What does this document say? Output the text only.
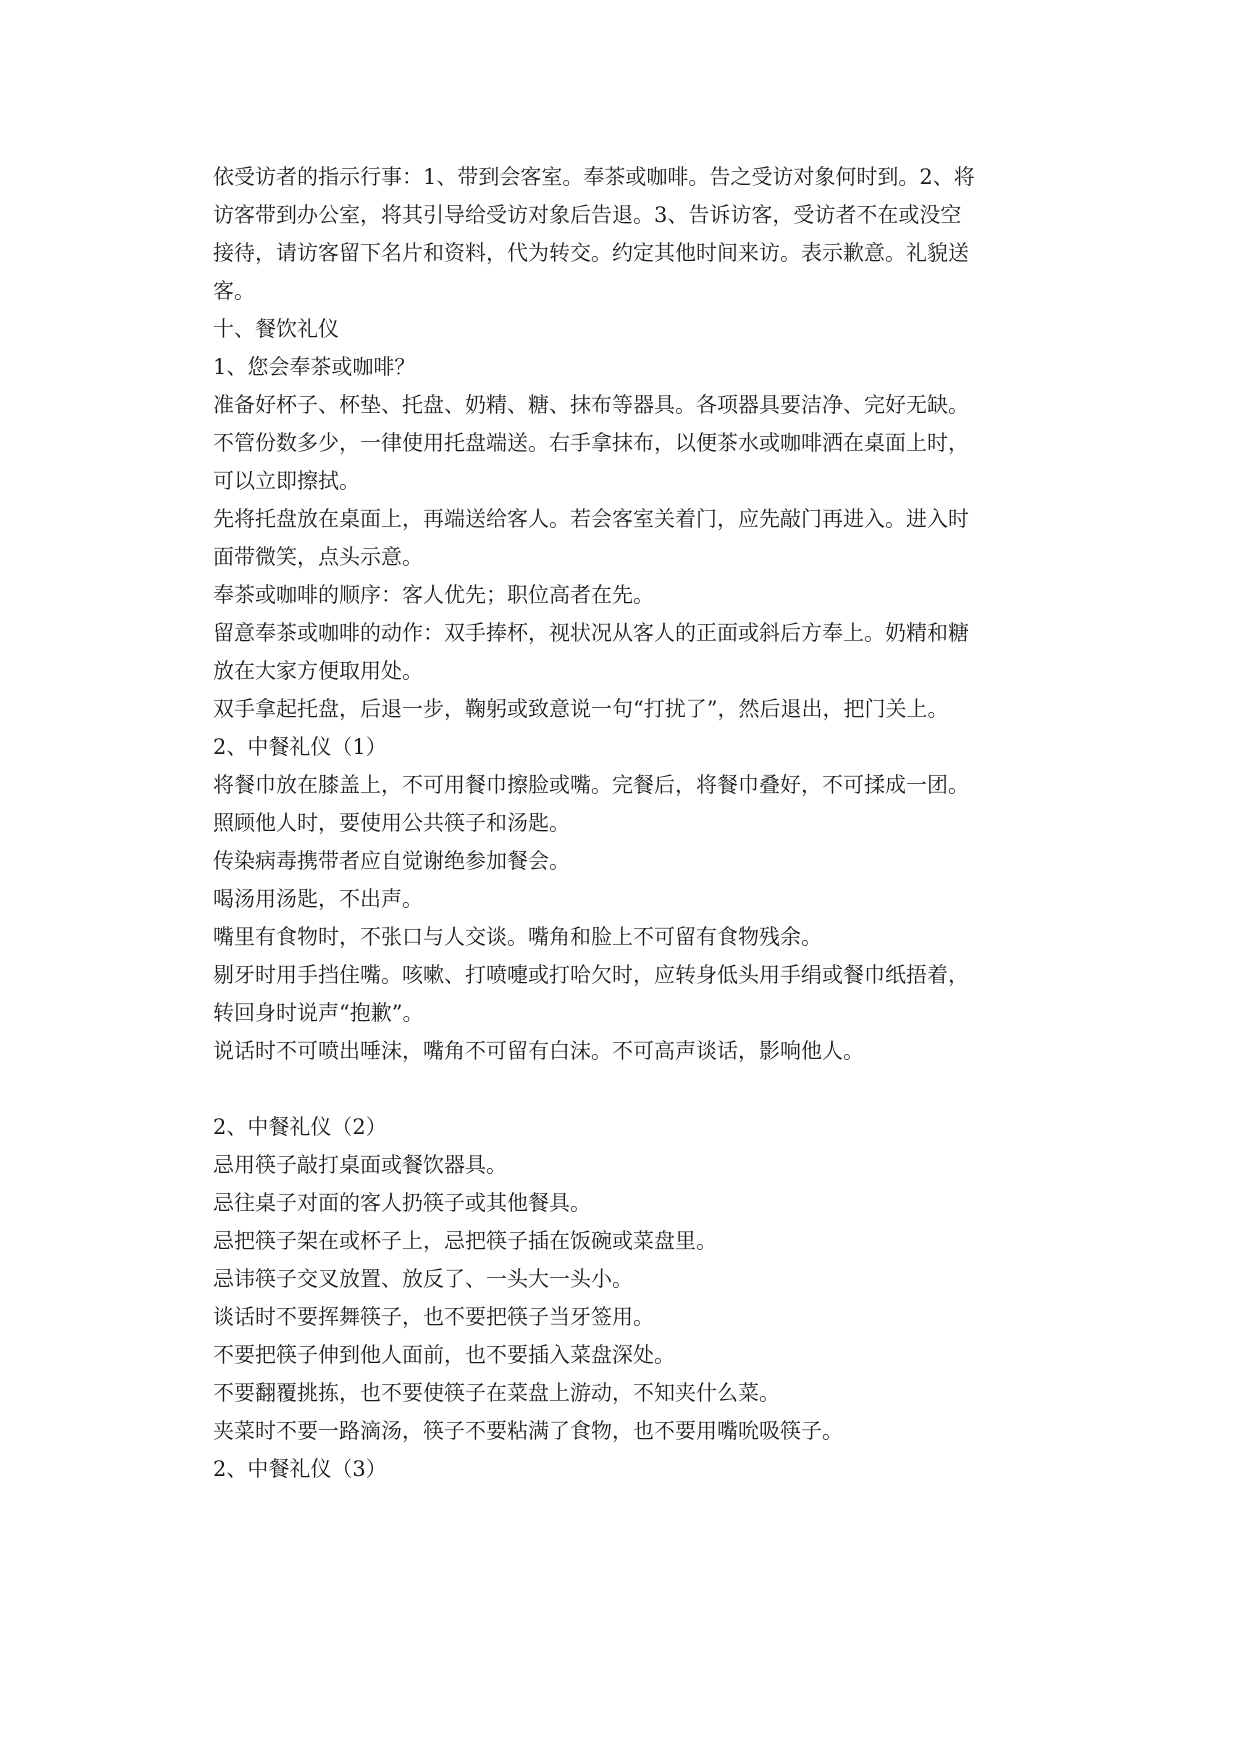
依受访者的指示行事：1、带到会客室。奉茶或咖啡。告之受访对象何时到。2、将
访客带到办公室，将其引导给受访对象后告退。3、告诉访客，受访者不在或没空
接待，请访客留下名片和资料，代为转交。约定其他时间来访。表示歉意。礼貌送
客。
十、餐饮礼仪
1、您会奉茶或咖啡？
准备好杯子、杯垫、托盘、奶精、糖、抹布等器具。各项器具要洁净、完好无缺。
不管份数多少，一律使用托盘端送。右手拿抹布，以便茶水或咖啡洒在桌面上时，
可以立即擦拭。
先将托盘放在桌面上，再端送给客人。若会客室关着门，应先敲门再进入。进入时
面带微笑，点头示意。
奉茶或咖啡的顺序：客人优先；职位高者在先。
留意奉茶或咖啡的动作：双手捧杯，视状况从客人的正面或斜后方奉上。奶精和糖
放在大家方便取用处。
双手拿起托盘，后退一步，鞠躬或致意说一句“打扰了”，然后退出，把门关上。
2、中餐礼仪（1）
将餐巾放在膝盖上，不可用餐巾擦脸或嘴。完餐后，将餐巾叠好，不可揉成一团。
照顾他人时，要使用公共筷子和汤匙。
传染病毒携带者应自觉谢绝参加餐会。
喝汤用汤匙，不出声。
嘴里有食物时，不张口与人交谈。嘴角和脸上不可留有食物残余。
剔牙时用手挡住嘴。咳嗽、打喷嚏或打哈欠时，应转身低头用手绢或餐巾纸捂着，
转回身时说声“抱歉”。
说话时不可喷出唾沫，嘴角不可留有白沫。不可高声谈话，影响他人。
2、中餐礼仪（2）
忌用筷子敲打桌面或餐饮器具。
忌往桌子对面的客人扔筷子或其他餐具。
忌把筷子架在或杯子上，忌把筷子插在饭碗或菜盘里。
忌讳筷子交叉放置、放反了、一头大一头小。
谈话时不要挥舞筷子，也不要把筷子当牙签用。
不要把筷子伸到他人面前，也不要插入菜盘深处。
不要翻覆挑拣，也不要使筷子在菜盘上游动，不知夹什么菜。
夹菜时不要一路滴汤，筷子不要粘满了食物，也不要用嘴吮吸筷子。
2、中餐礼仪（3）
